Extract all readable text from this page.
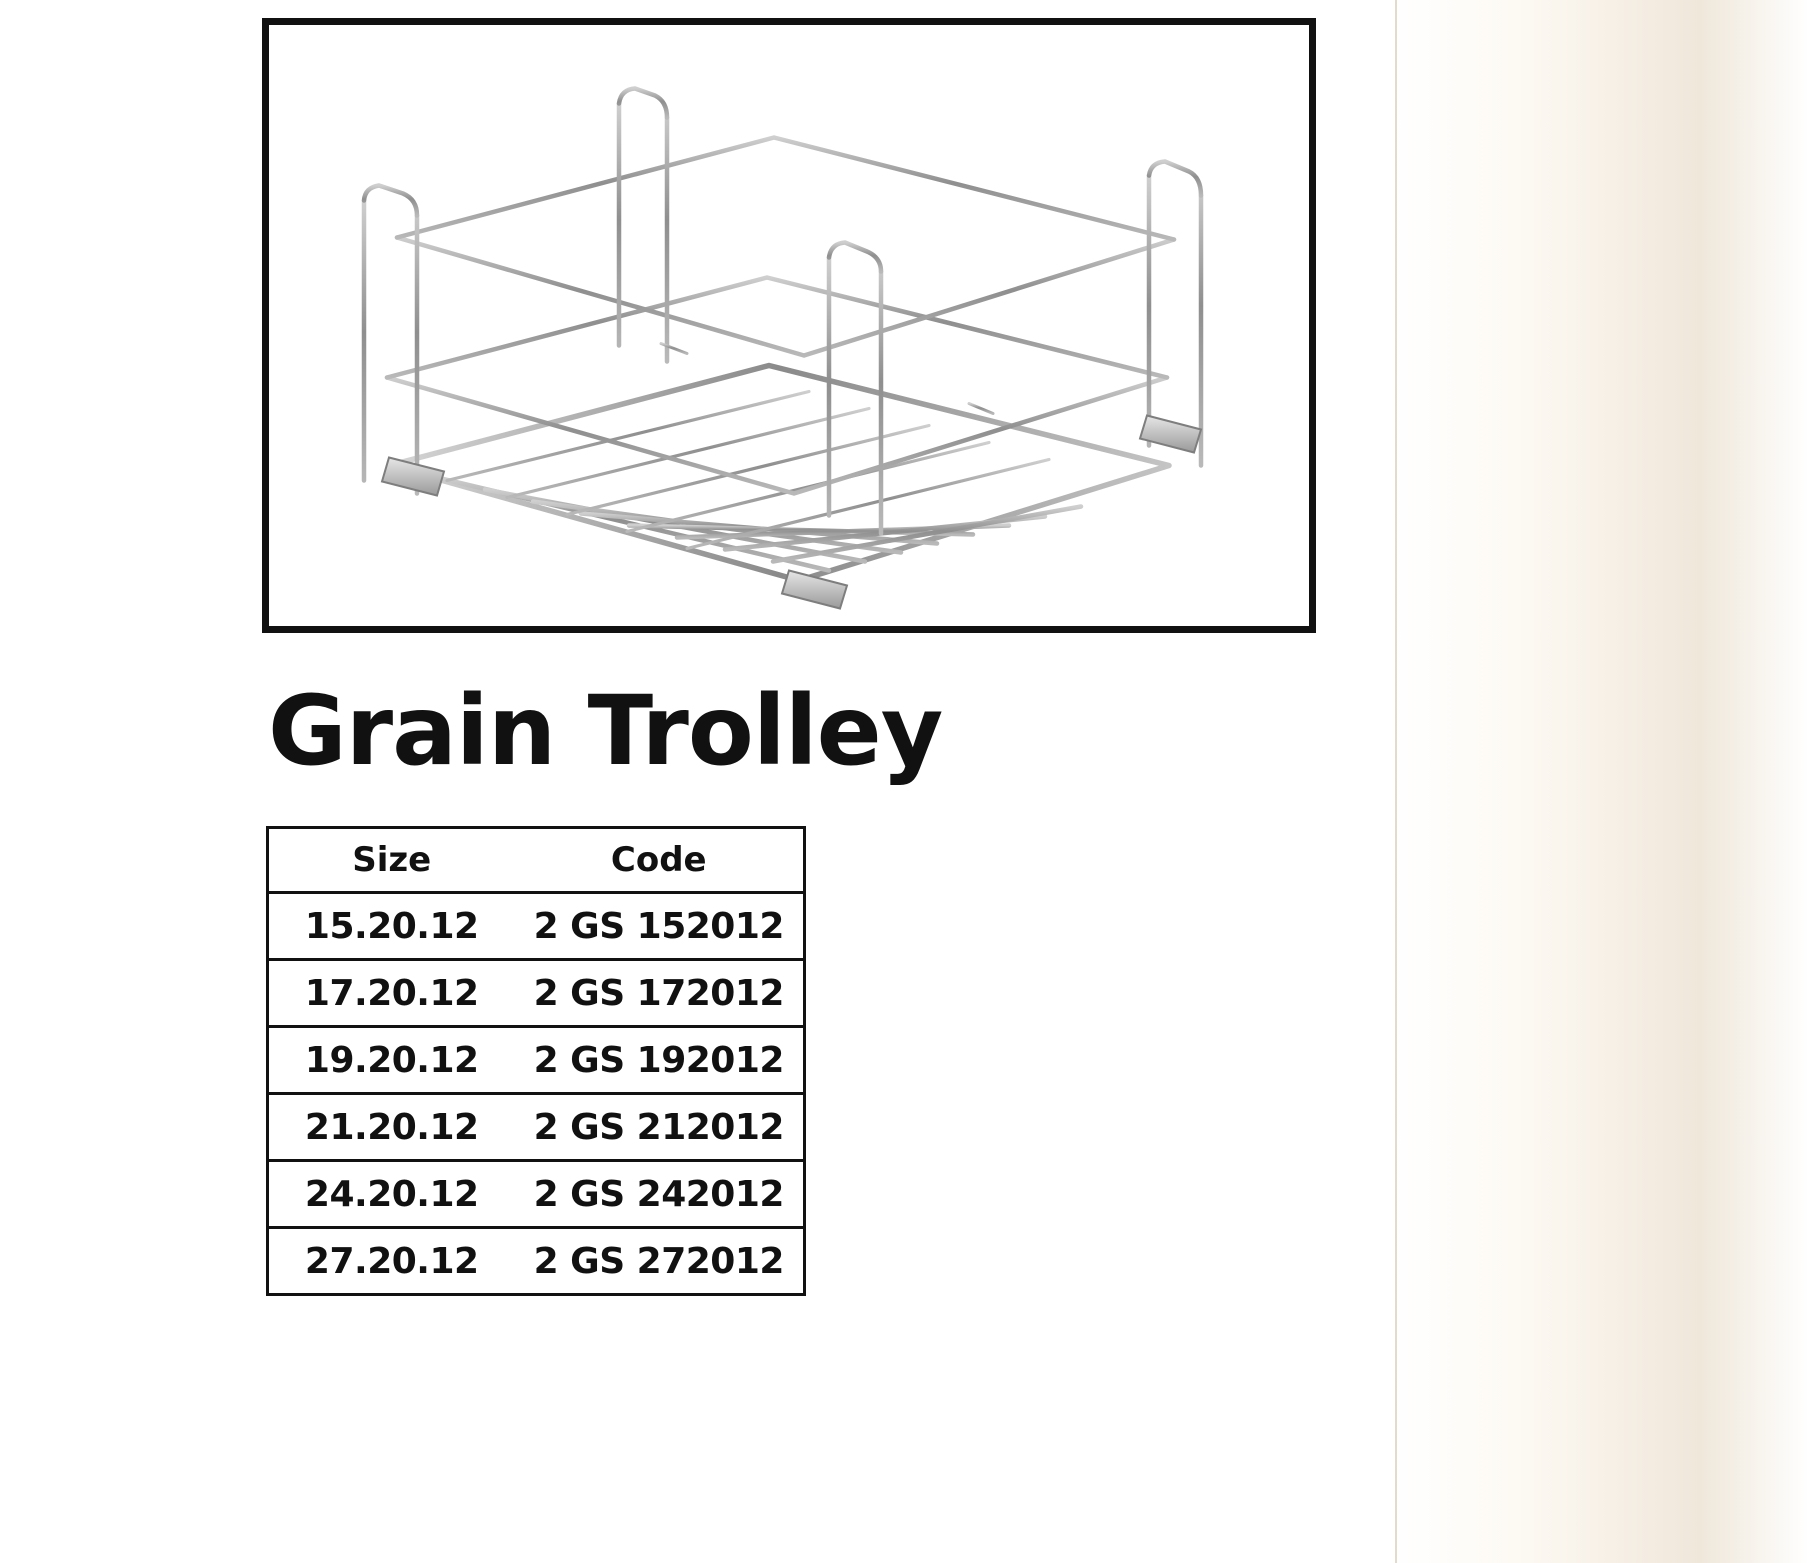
Grain Trolley
Size	Code
15.20.12	2 GS 152012
17.20.12	2 GS 172012
19.20.12	2 GS 192012
21.20.12	2 GS 212012
24.20.12	2 GS 242012
27.20.12	2 GS 272012
